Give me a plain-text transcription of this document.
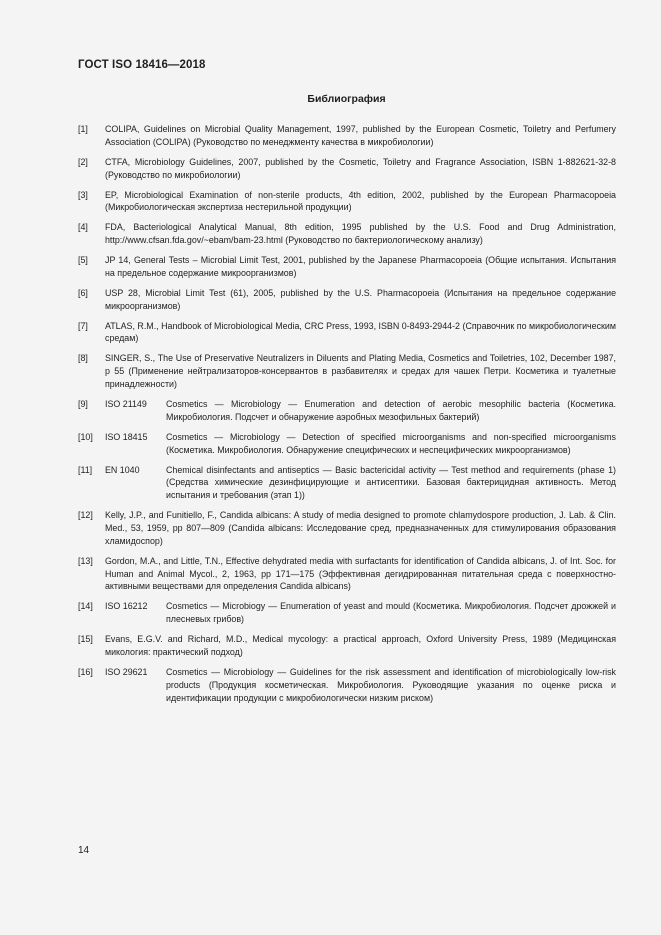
ГОСТ ISO 18416—2018
Библиография
[1] COLIPA, Guidelines on Microbial Quality Management, 1997, published by the European Cosmetic, Toiletry and Perfumery Association (COLIPA) (Руководство по менеджменту качества в микробиологии)
[2] CTFA, Microbiology Guidelines, 2007, published by the Cosmetic, Toiletry and Fragrance Association, ISBN 1-882621-32-8 (Руководство по микробиологии)
[3] EP, Microbiological Examination of non-sterile products, 4th edition, 2002, published by the European Pharmacopoeia (Микробиологическая экспертиза нестерильной продукции)
[4] FDA, Bacteriological Analytical Manual, 8th edition, 1995 published by the U.S. Food and Drug Administration, http://www.cfsan.fda.gov/~ebam/bam-23.html (Руководство по бактериологическому анализу)
[5] JP 14, General Tests – Microbial Limit Test, 2001, published by the Japanese Pharmacopoeia (Общие испытания. Испытания на предельное содержание микроорганизмов)
[6] USP 28, Microbial Limit Test (61), 2005, published by the U.S. Pharmacopoeia (Испытания на предельное содержание микроорганизмов)
[7] ATLAS, R.M., Handbook of Microbiological Media, CRC Press, 1993, ISBN 0-8493-2944-2 (Справочник по микробиологическим средам)
[8] SINGER, S., The Use of Preservative Neutralizers in Diluents and Plating Media, Cosmetics and Toiletries, 102, December 1987, p 55 (Применение нейтрализаторов-консервантов в разбавителях и средах для чашек Петри. Косметика и туалетные принадлежности)
[9] ISO 21149 Cosmetics — Microbiology — Enumeration and detection of aerobic mesophilic bacteria (Косметика. Микробиология. Подсчет и обнаружение аэробных мезофильных бактерий)
[10] ISO 18415 Cosmetics — Microbiology — Detection of specified microorganisms and non-specified microorganisms (Косметика. Микробиология. Обнаружение специфических и неспецифических микроорганизмов)
[11] EN 1040	Chemical disinfectants and antiseptics — Basic bactericidal activity — Test method and requirements (phase 1) (Средства химические дезинфицирующие и антисептики. Базовая бактерицидная активность. Метод испытания и требования (этап 1))
[12] Kelly, J.P., and Funitiello, F., Candida albicans: A study of media designed to promote chlamydospore production, J. Lab. & Clin. Med., 53, 1959, pp 807—809 (Candida albicans: Исследование сред, предназначенных для стимулирования образования хламидоспор)
[13] Gordon, M.A., and Little, T.N., Effective dehydrated media with surfactants for identification of Candida albicans, J. of Int. Soc. for Human and Animal Mycol., 2, 1963, pp 171—175 (Эффективная дегидрированная питательная среда с поверхностно-активными веществами для определения Candida albicans)
[14] ISO 16212 Cosmetics — Microbiogy — Enumeration of yeast and mould (Косметика. Микробиология. Подсчет дрожжей и плесневых грибов)
[15] Evans, E.G.V. and Richard, M.D., Medical mycology: a practical approach, Oxford University Press, 1989 (Медицинская микология: практический подход)
[16] ISO 29621 Cosmetics — Microbiology — Guidelines for the risk assessment and identification of microbiologically low-risk products (Продукция косметическая. Микробиология. Руководящие указания по оценке риска и идентификации продукции с микробиологически низким риском)
14
